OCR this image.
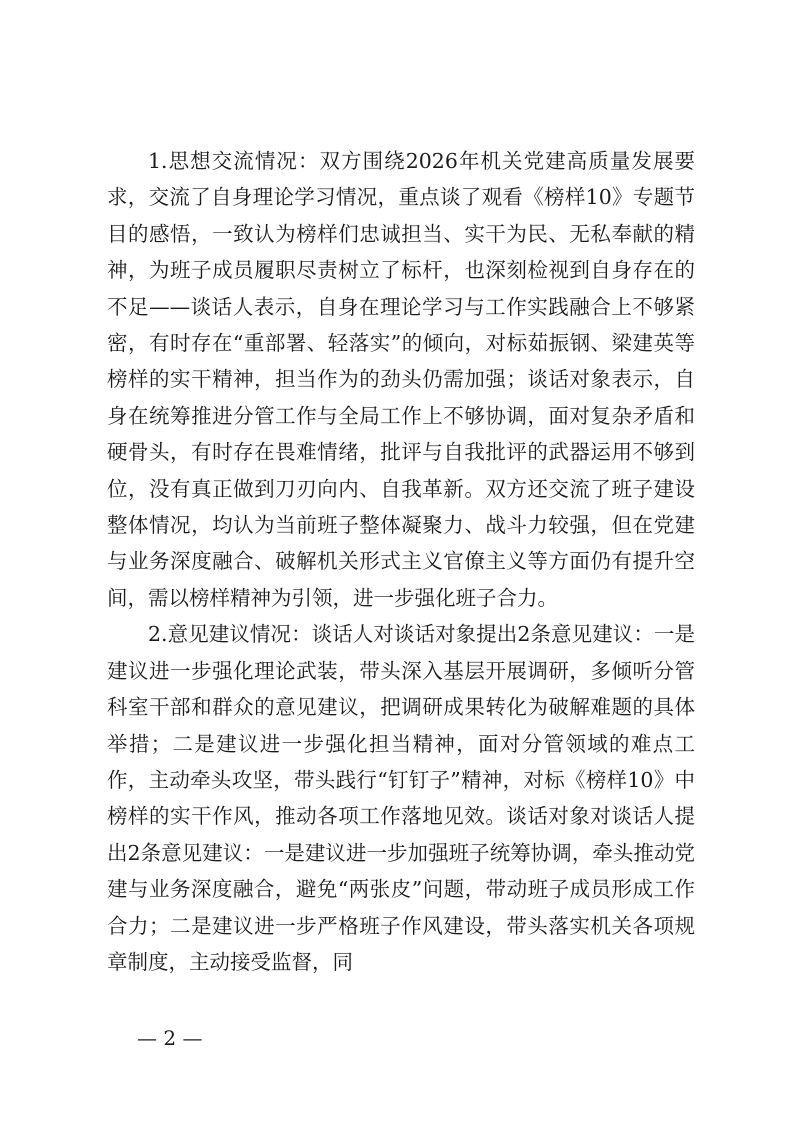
1.思想交流情况：双方围绕2026年机关党建高质量发展要求，交流了自身理论学习情况，重点谈了观看《榜样10》专题节目的感悟，一致认为榜样们忠诚担当、实干为民、无私奉献的精神，为班子成员履职尽责树立了标杆，也深刻检视到自身存在的不足——谈话人表示，自身在理论学习与工作实践融合上不够紧密，有时存在“重部署、轻落实”的倾向，对标茹振钢、梁建英等榜样的实干精神，担当作为的劲头仍需加强；谈话对象表示，自身在统筹推进分管工作与全局工作上不够协调，面对复杂矛盾和硬骨头，有时存在畏难情绪，批评与自我批评的武器运用不够到位，没有真正做到刀刃向内、自我革新。双方还交流了班子建设整体情况，均认为当前班子整体凝聚力、战斗力较强，但在党建与业务深度融合、破解机关形式主义官僚主义等方面仍有提升空间，需以榜样精神为引领，进一步强化班子合力。

2.意见建议情况：谈话人对谈话对象提出2条意见建议：一是建议进一步强化理论武装，带头深入基层开展调研，多倾听分管科室干部和群众的意见建议，把调研成果转化为破解难题的具体举措；二是建议进一步强化担当精神，面对分管领域的难点工作，主动牵头攻坚，带头践行“钉钉子”精神，对标《榜样10》中榜样的实干作风，推动各项工作落地见效。谈话对象对谈话人提出2条意见建议：一是建议进一步加强班子统筹协调，牵头推动党建与业务深度融合，避免“两张皮”问题，带动班子成员形成工作合力；二是建议进一步严格班子作风建设，带头落实机关各项规章制度，主动接受监督，同

— 2 —
